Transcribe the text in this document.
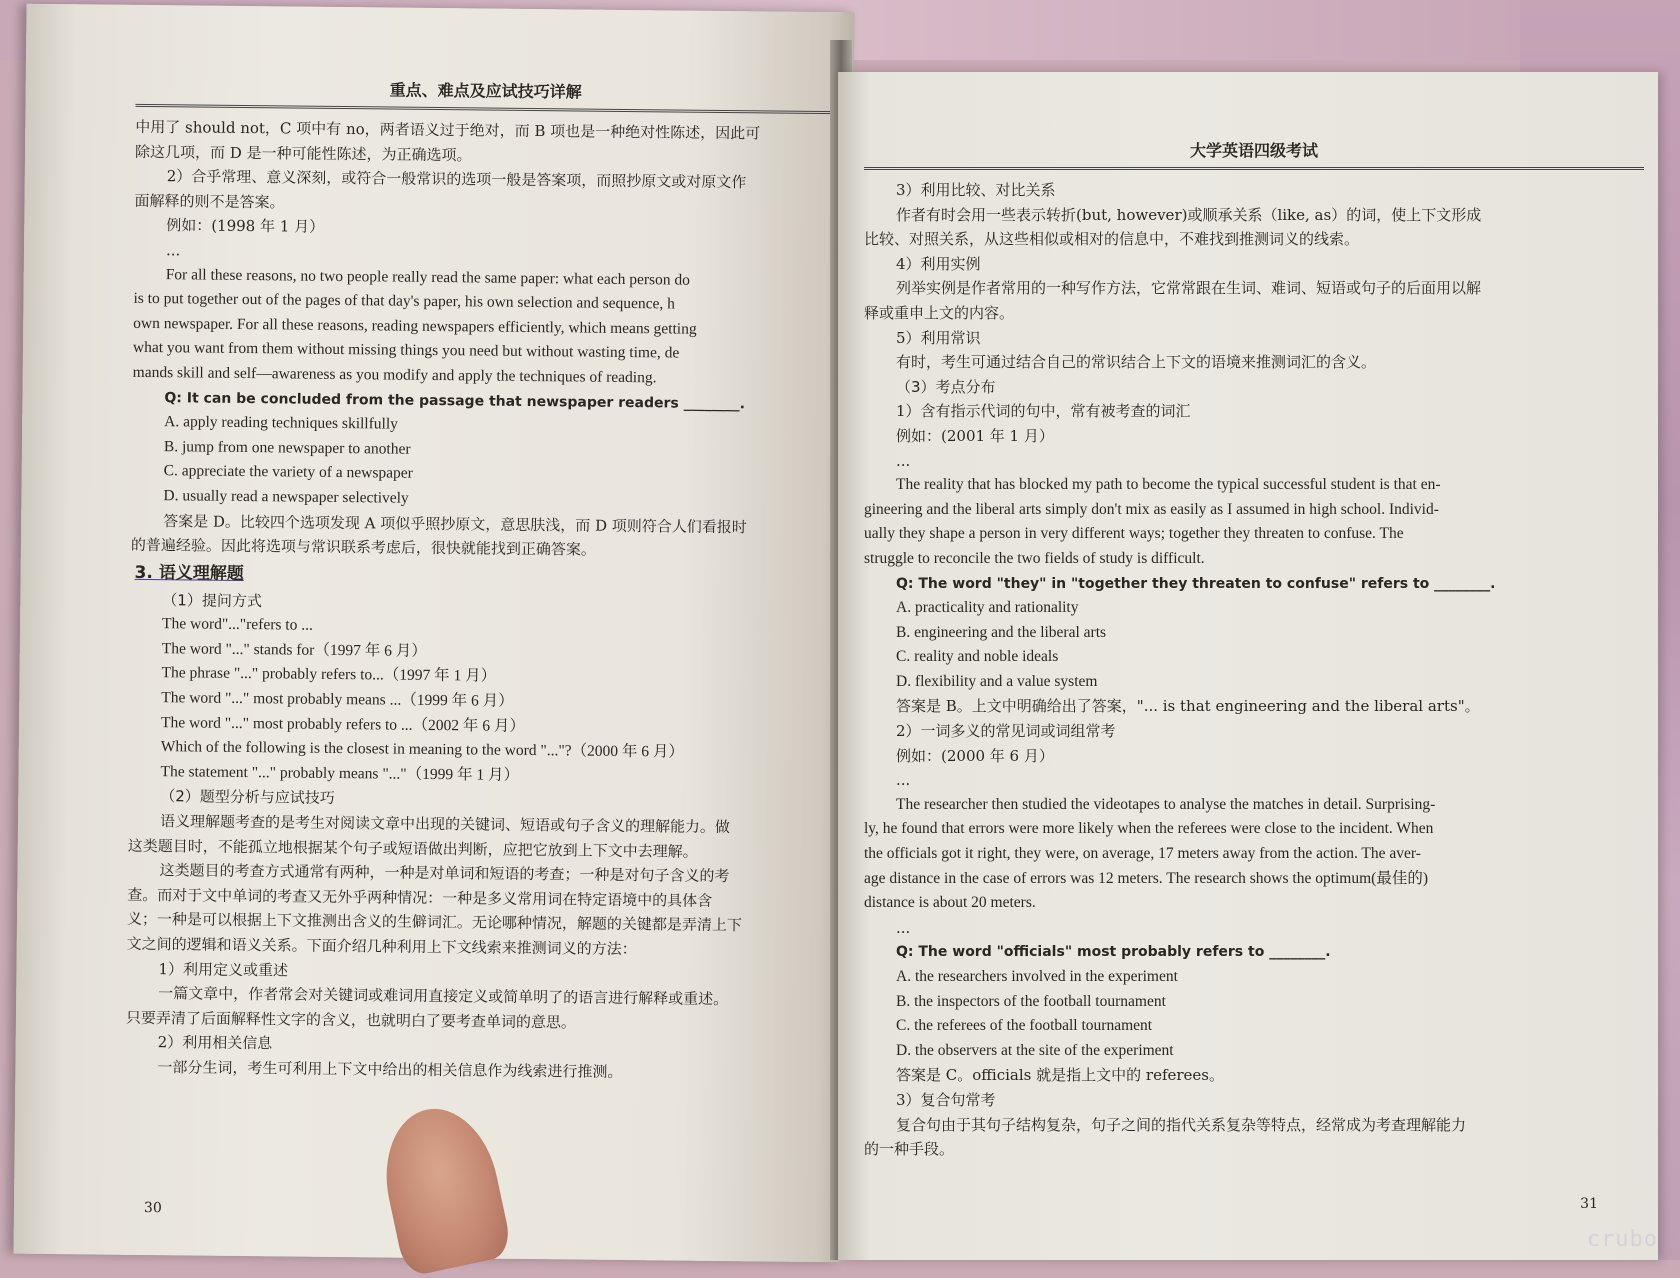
重点、难点及应试技巧详解
中用了 should not，C 项中有 no，两者语义过于绝对，而 B 项也是一种绝对性陈述，因此可
除这几项，而 D 是一种可能性陈述，为正确选项。
2）合乎常理、意义深刻，或符合一般常识的选项一般是答案项，而照抄原文或对原文作
面解释的则不是答案。
例如：(1998 年 1 月）
...
For all these reasons, no two people really read the same paper: what each person do
is to put together out of the pages of that day's paper, his own selection and sequence, h
own newspaper. For all these reasons, reading newspapers efficiently, which means getting
what you want from them without missing things you need but without wasting time, de
mands skill and self—awareness as you modify and apply the techniques of reading.
Q: It can be concluded from the passage that newspaper readers ________.
A. apply reading techniques skillfully
B. jump from one newspaper to another
C. appreciate the variety of a newspaper
D. usually read a newspaper selectively
答案是 D。比较四个选项发现 A 项似乎照抄原文，意思肤浅，而 D 项则符合人们看报时
的普遍经验。因此将选项与常识联系考虑后，很快就能找到正确答案。
3. 语义理解题
（1）提问方式
The word"..."refers to ...
The word "..." stands for（1997 年 6 月）
The phrase "..." probably refers to...（1997 年 1 月）
The word "..." most probably means ...（1999 年 6 月）
The word "..." most probably refers to ...（2002 年 6 月）
Which of the following is the closest in meaning to the word "..."?（2000 年 6 月）
The statement "..." probably means "..."（1999 年 1 月）
（2）题型分析与应试技巧
语义理解题考查的是考生对阅读文章中出现的关键词、短语或句子含义的理解能力。做
这类题目时，不能孤立地根据某个句子或短语做出判断，应把它放到上下文中去理解。
这类题目的考查方式通常有两种，一种是对单词和短语的考查；一种是对句子含义的考
查。而对于文中单词的考查又无外乎两种情况：一种是多义常用词在特定语境中的具体含
义；一种是可以根据上下文推测出含义的生僻词汇。无论哪种情况，解题的关键都是弄清上下
文之间的逻辑和语义关系。下面介绍几种利用上下文线索来推测词义的方法：
1）利用定义或重述
一篇文章中，作者常会对关键词或难词用直接定义或简单明了的语言进行解释或重述。
只要弄清了后面解释性文字的含义，也就明白了要考查单词的意思。
2）利用相关信息
一部分生词，考生可利用上下文中给出的相关信息作为线索进行推测。
30
大学英语四级考试
3）利用比较、对比关系
作者有时会用一些表示转折(but, however)或顺承关系（like, as）的词，使上下文形成
比较、对照关系，从这些相似或相对的信息中，不难找到推测词义的线索。
4）利用实例
列举实例是作者常用的一种写作方法，它常常跟在生词、难词、短语或句子的后面用以解
释或重申上文的内容。
5）利用常识
有时，考生可通过结合自己的常识结合上下文的语境来推测词汇的含义。
（3）考点分布
1）含有指示代词的句中，常有被考查的词汇
例如：(2001 年 1 月）
...
The reality that has blocked my path to become the typical successful student is that en-
gineering and the liberal arts simply don't mix as easily as I assumed in high school. Individ-
ually they shape a person in very different ways; together they threaten to confuse. The
struggle to reconcile the two fields of study is difficult.
Q: The word "they" in "together they threaten to confuse" refers to ________.
A. practicality and rationality
B. engineering and the liberal arts
C. reality and noble ideals
D. flexibility and a value system
答案是 B。上文中明确给出了答案，"... is that engineering and the liberal arts"。
2）一词多义的常见词或词组常考
例如：(2000 年 6 月）
...
The researcher then studied the videotapes to analyse the matches in detail. Surprising-
ly, he found that errors were more likely when the referees were close to the incident. When
the officials got it right, they were, on average, 17 meters away from the action. The aver-
age distance in the case of errors was 12 meters. The research shows the optimum(最佳的)
distance is about 20 meters.
...
Q: The word "officials" most probably refers to ________.
A. the researchers involved in the experiment
B. the inspectors of the football tournament
C. the referees of the football tournament
D. the observers at the site of the experiment
答案是 C。officials 就是指上文中的 referees。
3）复合句常考
复合句由于其句子结构复杂，句子之间的指代关系复杂等特点，经常成为考查理解能力
的一种手段。
31
crubo
